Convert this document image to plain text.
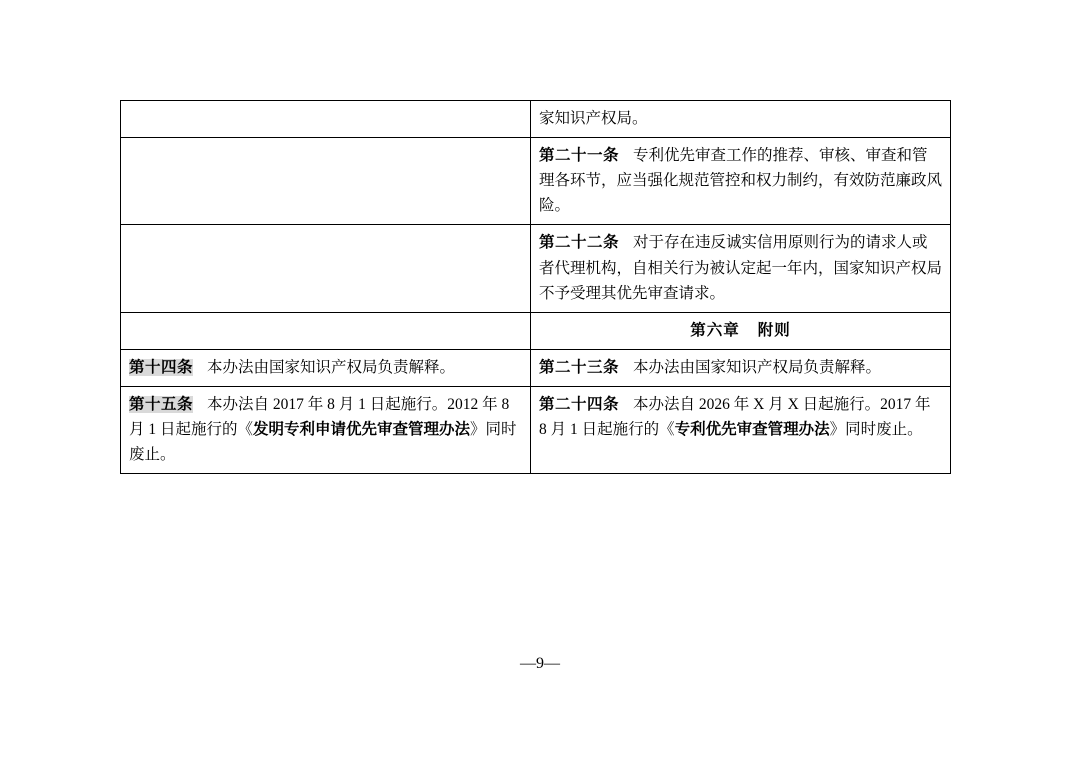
	家知识产权局。

	第二十一条 专利优先审查工作的推荐、审核、审查和管理各环节，应当强化规范管控和权力制约，有效防范廉政风险。

	第二十二条 对于存在违反诚实信用原则行为的请求人或者代理机构，自相关行为被认定起一年内，国家知识产权局不予受理其优先审查请求。
	第六章 附则
第十四条 本办法由国家知识产权局负责解释。	第二十三条 本办法由国家知识产权局负责解释。
第十五条 本办法自 2017 年 8 月 1 日起施行。2012 年 8 月 1 日起施行的《发明专利申请优先审查管理办法》同时废止。	第二十四条 本办法自 2026 年 X 月 X 日起施行。2017 年 8 月 1 日起施行的《专利优先审查管理办法》同时废止。
—9—
